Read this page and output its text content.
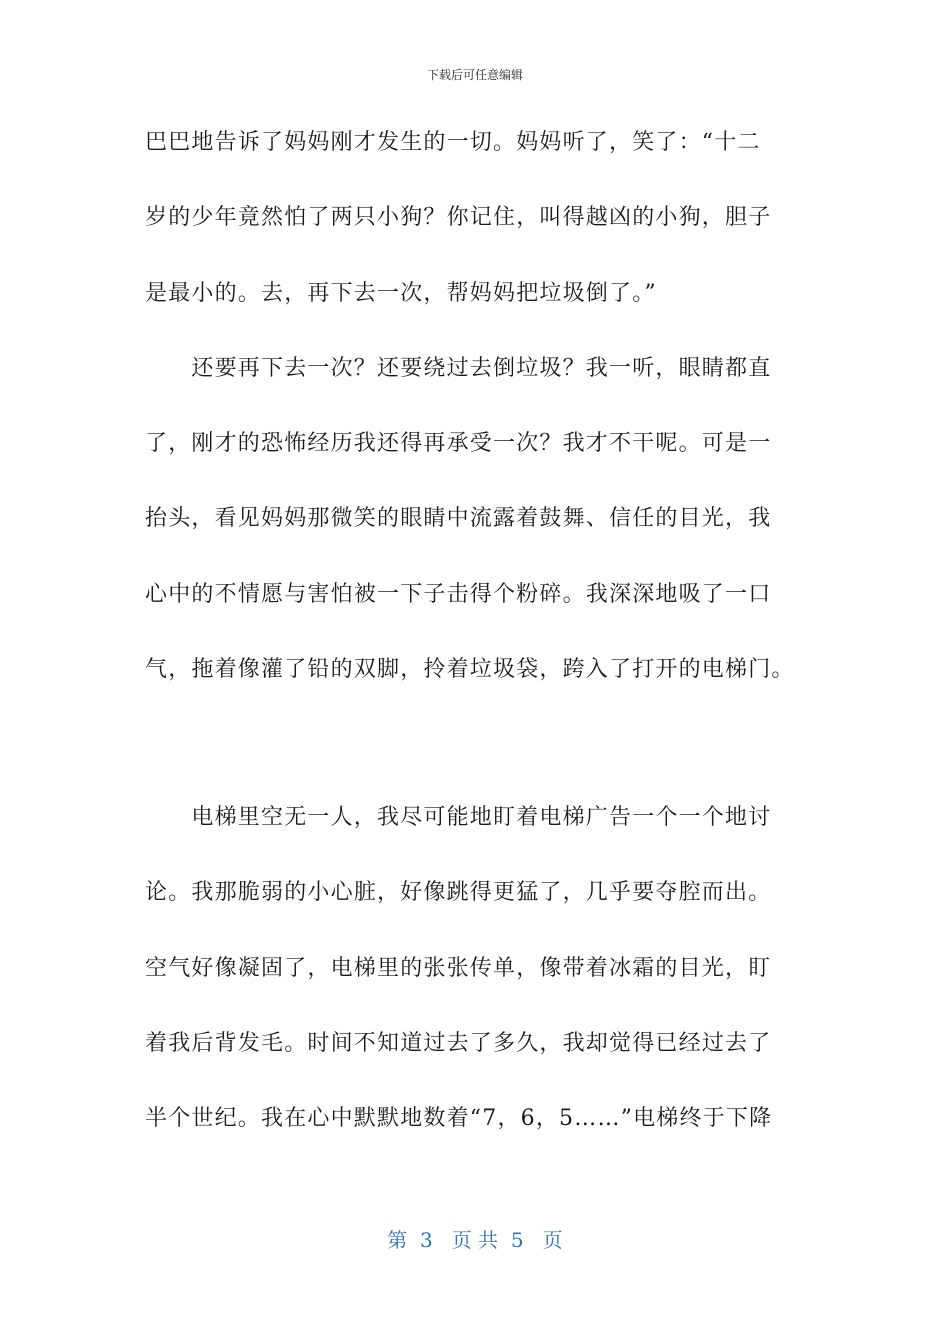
下载后可任意编辑
巴巴地告诉了妈妈刚才发生的一切。妈妈听了，笑了：“十二
岁的少年竟然怕了两只小狗？你记住，叫得越凶的小狗，胆子
是最小的。去，再下去一次，帮妈妈把垃圾倒了。”
　　还要再下去一次？还要绕过去倒垃圾？我一听，眼睛都直
了，刚才的恐怖经历我还得再承受一次？我才不干呢。可是一
抬头，看见妈妈那微笑的眼睛中流露着鼓舞、信任的目光，我
心中的不情愿与害怕被一下子击得个粉碎。我深深地吸了一口
气，拖着像灌了铅的双脚，拎着垃圾袋，跨入了打开的电梯门。
　　电梯里空无一人，我尽可能地盯着电梯广告一个一个地讨
论。我那脆弱的小心脏，好像跳得更猛了，几乎要夺腔而出。
空气好像凝固了，电梯里的张张传单，像带着冰霜的目光，盯
着我后背发毛。时间不知道过去了多久，我却觉得已经过去了
半个世纪。我在心中默默地数着“7，6，5……”电梯终于下降
第  3   页 共  5   页
